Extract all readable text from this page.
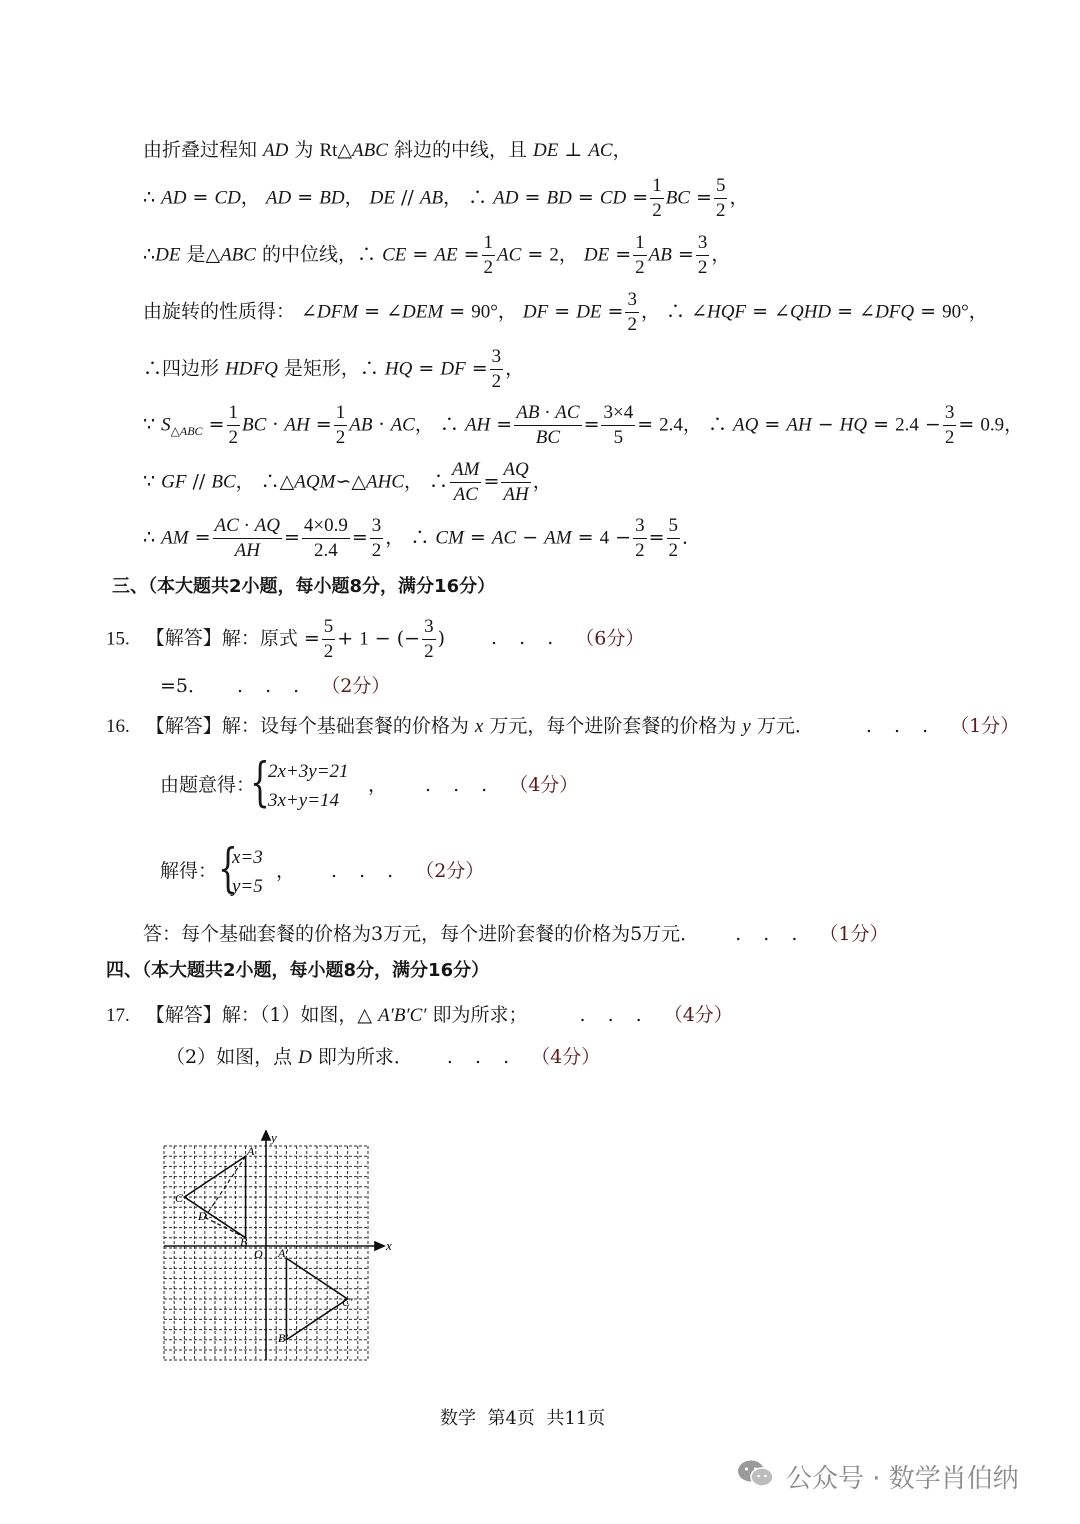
由折叠过程知 AD 为 Rt△ABC 斜边的中线，且 DE ⊥ AC，
∴ AD = CD， AD = BD， DE // AB， ∴ AD = BD = CD = $\frac{1}{2}$ BC = $\frac{5}{2}$ ，
∴DE 是△ABC 的中位线，∴ CE = AE = $\frac{1}{2}$ AC = 2， DE = $\frac{1}{2}$ AB = $\frac{3}{2}$ ，
由旋转的性质得： ∠DFM = ∠DEM = 90°， DF = DE = $\frac{3}{2}$ ， ∴ ∠HQF = ∠QHD = ∠DFQ = 90°，
∴四边形 HDFQ 是矩形，∴ HQ = DF = $\frac{3}{2}$ ，
∵ $S_{\triangle ABC} = \frac{1}{2}$ BC · AH = $\frac{1}{2}$ AB · AC， ∴ AH = $\frac{AB \cdot AC}{BC} = \frac{3\times 4}{5} = 2.4$， ∴ AQ = AH − HQ = $2.4 - \frac{3}{2} = 0.9$，
∵ GF // BC， ∴△AQM∽△AHC， ∴ $\frac{AM}{AC} = \frac{AQ}{AH}$ ，
∴ AM = $\frac{AC \cdot AQ}{AH} = \frac{4\times 0.9}{2.4} = \frac{3}{2}$ ， ∴ CM = AC − AM = $4 - \frac{3}{2} = \frac{5}{2}$ ．
三、（本大题共2小题，每小题8分，满分16分）
15. 【解答】解：原式 = $\frac{5}{2} + 1$ − (− $\frac{3}{2}$ ) . . . （6分）
=5． . . . （2分）
16. 【解答】解：设每个基础套餐的价格为 x 万元，每个进阶套餐的价格为 y 万元． . . . （1分）
由题意得：
{
2x+3y=21
3x+y=14
， . . . （4分）
解得： {
x=3
y=5
， . . . （2分）
答：每个基础套餐的价格为3万元，每个进阶套餐的价格为5万元． . . . （1分）
四、（本大题共2小题，每小题8分，满分16分）
17. 【解答】解：（1）如图，△ A′B′C′ 即为所求； . . . （4分）
（2）如图，点 D 即为所求． . . . （4分）
x
y
O
A
B
C
D
A′
B′
C′
数学  第4页  共11页
公众号 · 数学肖伯纳
